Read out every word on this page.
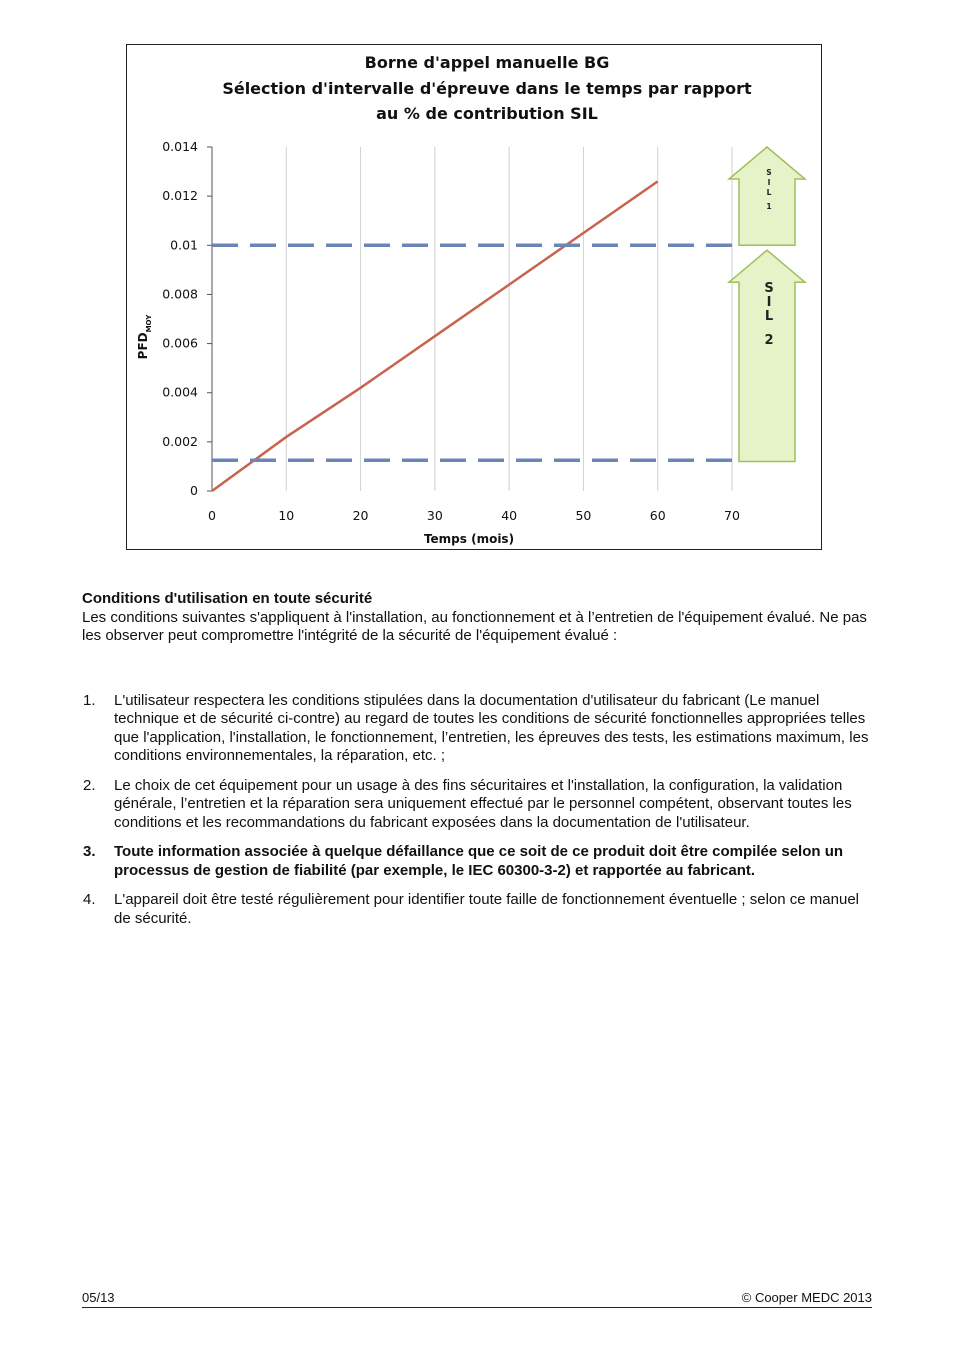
Borne d'appel manuelle BG
Sélection d'intervalle d'épreuve dans le temps par rapport
au % de contribution SIL
0
0.002
0.004
0.006
0.008
0.01
0.012
0.014
0	10	20	30	40	50	60	70
S
I
L
1
S
I
L
2
Temps (mois)
$PFD_{MOY}$
Conditions d'utilisation en toute sécurité

Les conditions suivantes s'appliquent à l'installation, au fonctionnement et à l’entretien de l'équipement évalué. Ne pas les observer peut compromettre l'intégrité de la sécurité de l'équipement évalué :

1. L'utilisateur respectera les conditions stipulées dans la documentation d'utilisateur du fabricant (Le manuel technique et de sécurité ci-contre) au regard de toutes les conditions de sécurité fonctionnelles appropriées telles que l'application, l'installation, le fonctionnement, l’entretien, les épreuves des tests, les estimations maximum, les conditions environnementales, la réparation, etc. ;
2. Le choix de cet équipement pour un usage à des fins sécuritaires et l'installation, la configuration, la validation générale, l’entretien et la réparation sera uniquement effectué par le personnel compétent, observant toutes les conditions et les recommandations du fabricant exposées dans la documentation de l'utilisateur.
3. Toute information associée à quelque défaillance que ce soit de ce produit doit être compilée selon un processus de gestion de fiabilité (par exemple, le IEC 60300-3-2) et rapportée au fabricant.
4. L'appareil doit être testé régulièrement pour identifier toute faille de fonctionnement éventuelle ; selon ce manuel de sécurité.
05/13	© Cooper MEDC 2013
